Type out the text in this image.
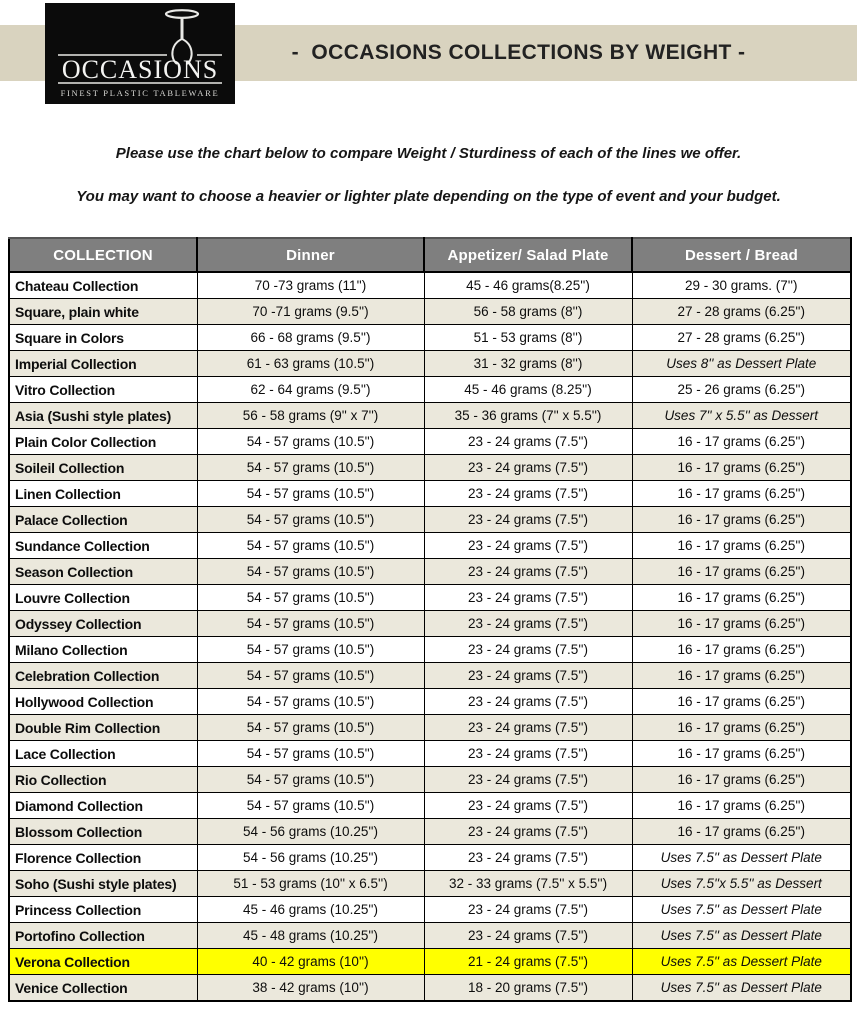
-  OCCASIONS COLLECTIONS BY WEIGHT -
OCCASIONS
FINEST PLASTIC TABLEWARE

Please use the chart below to compare Weight / Sturdiness of each of the lines we offer.

You may want to choose a heavier or lighter plate depending on the type of event and your budget.

COLLECTION	Dinner	Appetizer/ Salad Plate	Dessert / Bread
Chateau Collection	70 -73 grams (11'')	45 - 46 grams(8.25'')	29 - 30 grams. (7'')
Square, plain white	70 -71 grams (9.5'')	56 - 58 grams (8'')	27 - 28 grams (6.25'')
Square in Colors	66 - 68 grams (9.5'')	51 - 53 grams (8'')	27 - 28 grams (6.25'')
Imperial Collection	61 - 63 grams (10.5'')	31 - 32 grams (8'')	Uses 8'' as Dessert Plate
Vitro Collection	62 - 64 grams (9.5'')	45 - 46 grams (8.25'')	25 - 26 grams (6.25'')
Asia (Sushi style plates)	56 - 58 grams (9'' x 7'')	35 - 36 grams (7'' x 5.5'')	Uses 7'' x 5.5'' as Dessert
Plain Color Collection	54 - 57 grams (10.5'')	23 - 24 grams (7.5'')	16 - 17 grams (6.25'')
Soileil Collection	54 - 57 grams (10.5'')	23 - 24 grams (7.5'')	16 - 17 grams (6.25'')
Linen Collection	54 - 57 grams (10.5'')	23 - 24 grams (7.5'')	16 - 17 grams (6.25'')
Palace Collection	54 - 57 grams (10.5'')	23 - 24 grams (7.5'')	16 - 17 grams (6.25'')
Sundance Collection	54 - 57 grams (10.5'')	23 - 24 grams (7.5'')	16 - 17 grams (6.25'')
Season Collection	54 - 57 grams (10.5'')	23 - 24 grams (7.5'')	16 - 17 grams (6.25'')
Louvre Collection	54 - 57 grams (10.5'')	23 - 24 grams (7.5'')	16 - 17 grams (6.25'')
Odyssey Collection	54 - 57 grams (10.5'')	23 - 24 grams (7.5'')	16 - 17 grams (6.25'')
Milano Collection	54 - 57 grams (10.5'')	23 - 24 grams (7.5'')	16 - 17 grams (6.25'')
Celebration Collection	54 - 57 grams (10.5'')	23 - 24 grams (7.5'')	16 - 17 grams (6.25'')
Hollywood Collection	54 - 57 grams (10.5'')	23 - 24 grams (7.5'')	16 - 17 grams (6.25'')
Double Rim Collection	54 - 57 grams (10.5'')	23 - 24 grams (7.5'')	16 - 17 grams (6.25'')
Lace Collection	54 - 57 grams (10.5'')	23 - 24 grams (7.5'')	16 - 17 grams (6.25'')
Rio Collection	54 - 57 grams (10.5'')	23 - 24 grams (7.5'')	16 - 17 grams (6.25'')
Diamond Collection	54 - 57 grams (10.5'')	23 - 24 grams (7.5'')	16 - 17 grams (6.25'')
Blossom Collection	54 - 56 grams (10.25'')	23 - 24 grams (7.5'')	16 - 17 grams (6.25'')
Florence Collection	54 - 56 grams (10.25'')	23 - 24 grams (7.5'')	Uses 7.5'' as Dessert Plate
Soho (Sushi style plates)	51 - 53 grams (10'' x 6.5'')	32 - 33 grams (7.5'' x 5.5'')	Uses 7.5''x 5.5'' as Dessert
Princess Collection	45 - 46 grams (10.25'')	23 - 24 grams (7.5'')	Uses 7.5'' as Dessert Plate
Portofino Collection	45 - 48 grams (10.25'')	23 - 24 grams (7.5'')	Uses 7.5'' as Dessert Plate
Verona Collection	40 - 42 grams (10'')	21 - 24 grams (7.5'')	Uses 7.5'' as Dessert Plate
Venice Collection	38 - 42 grams (10'')	18 - 20 grams (7.5'')	Uses 7.5'' as Dessert Plate
